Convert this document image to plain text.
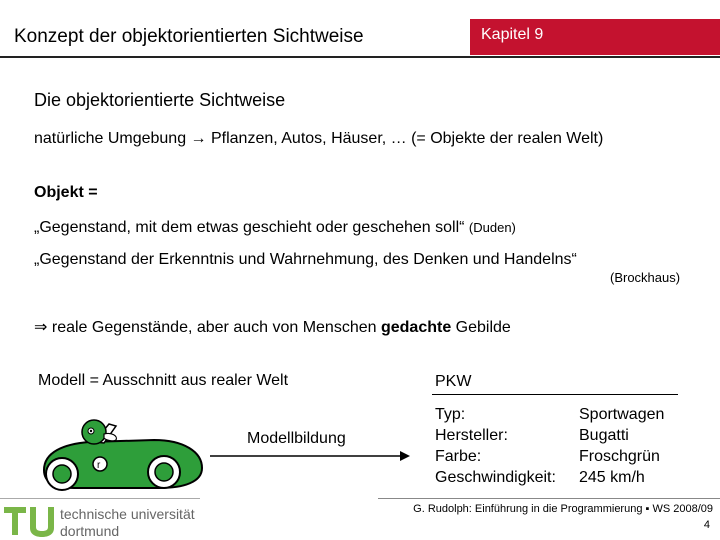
Konzept der objektorientierten Sichtweise	Kapitel 9
Die objektorientierte Sichtweise
natürliche Umgebung → Pflanzen, Autos, Häuser, … (= Objekte der realen Welt)
Objekt =
„Gegenstand, mit dem etwas geschieht oder geschehen soll“ (Duden)
„Gegenstand der Erkenntnis und Wahrnehmung, des Denken und Handelns“
(Brockhaus)
⇒ reale Gegenstände, aber auch von Menschen gedachte Gebilde
Modell = Ausschnitt aus realer Welt
Modellbildung
r
PKW
Typ:	Sportwagen
Hersteller:	Bugatti
Farbe:	Froschgrün
Geschwindigkeit: 245 km/h
technische universität
dortmund
G. Rudolph: Einführung in die Programmierung ▪ WS 2008/09
4
